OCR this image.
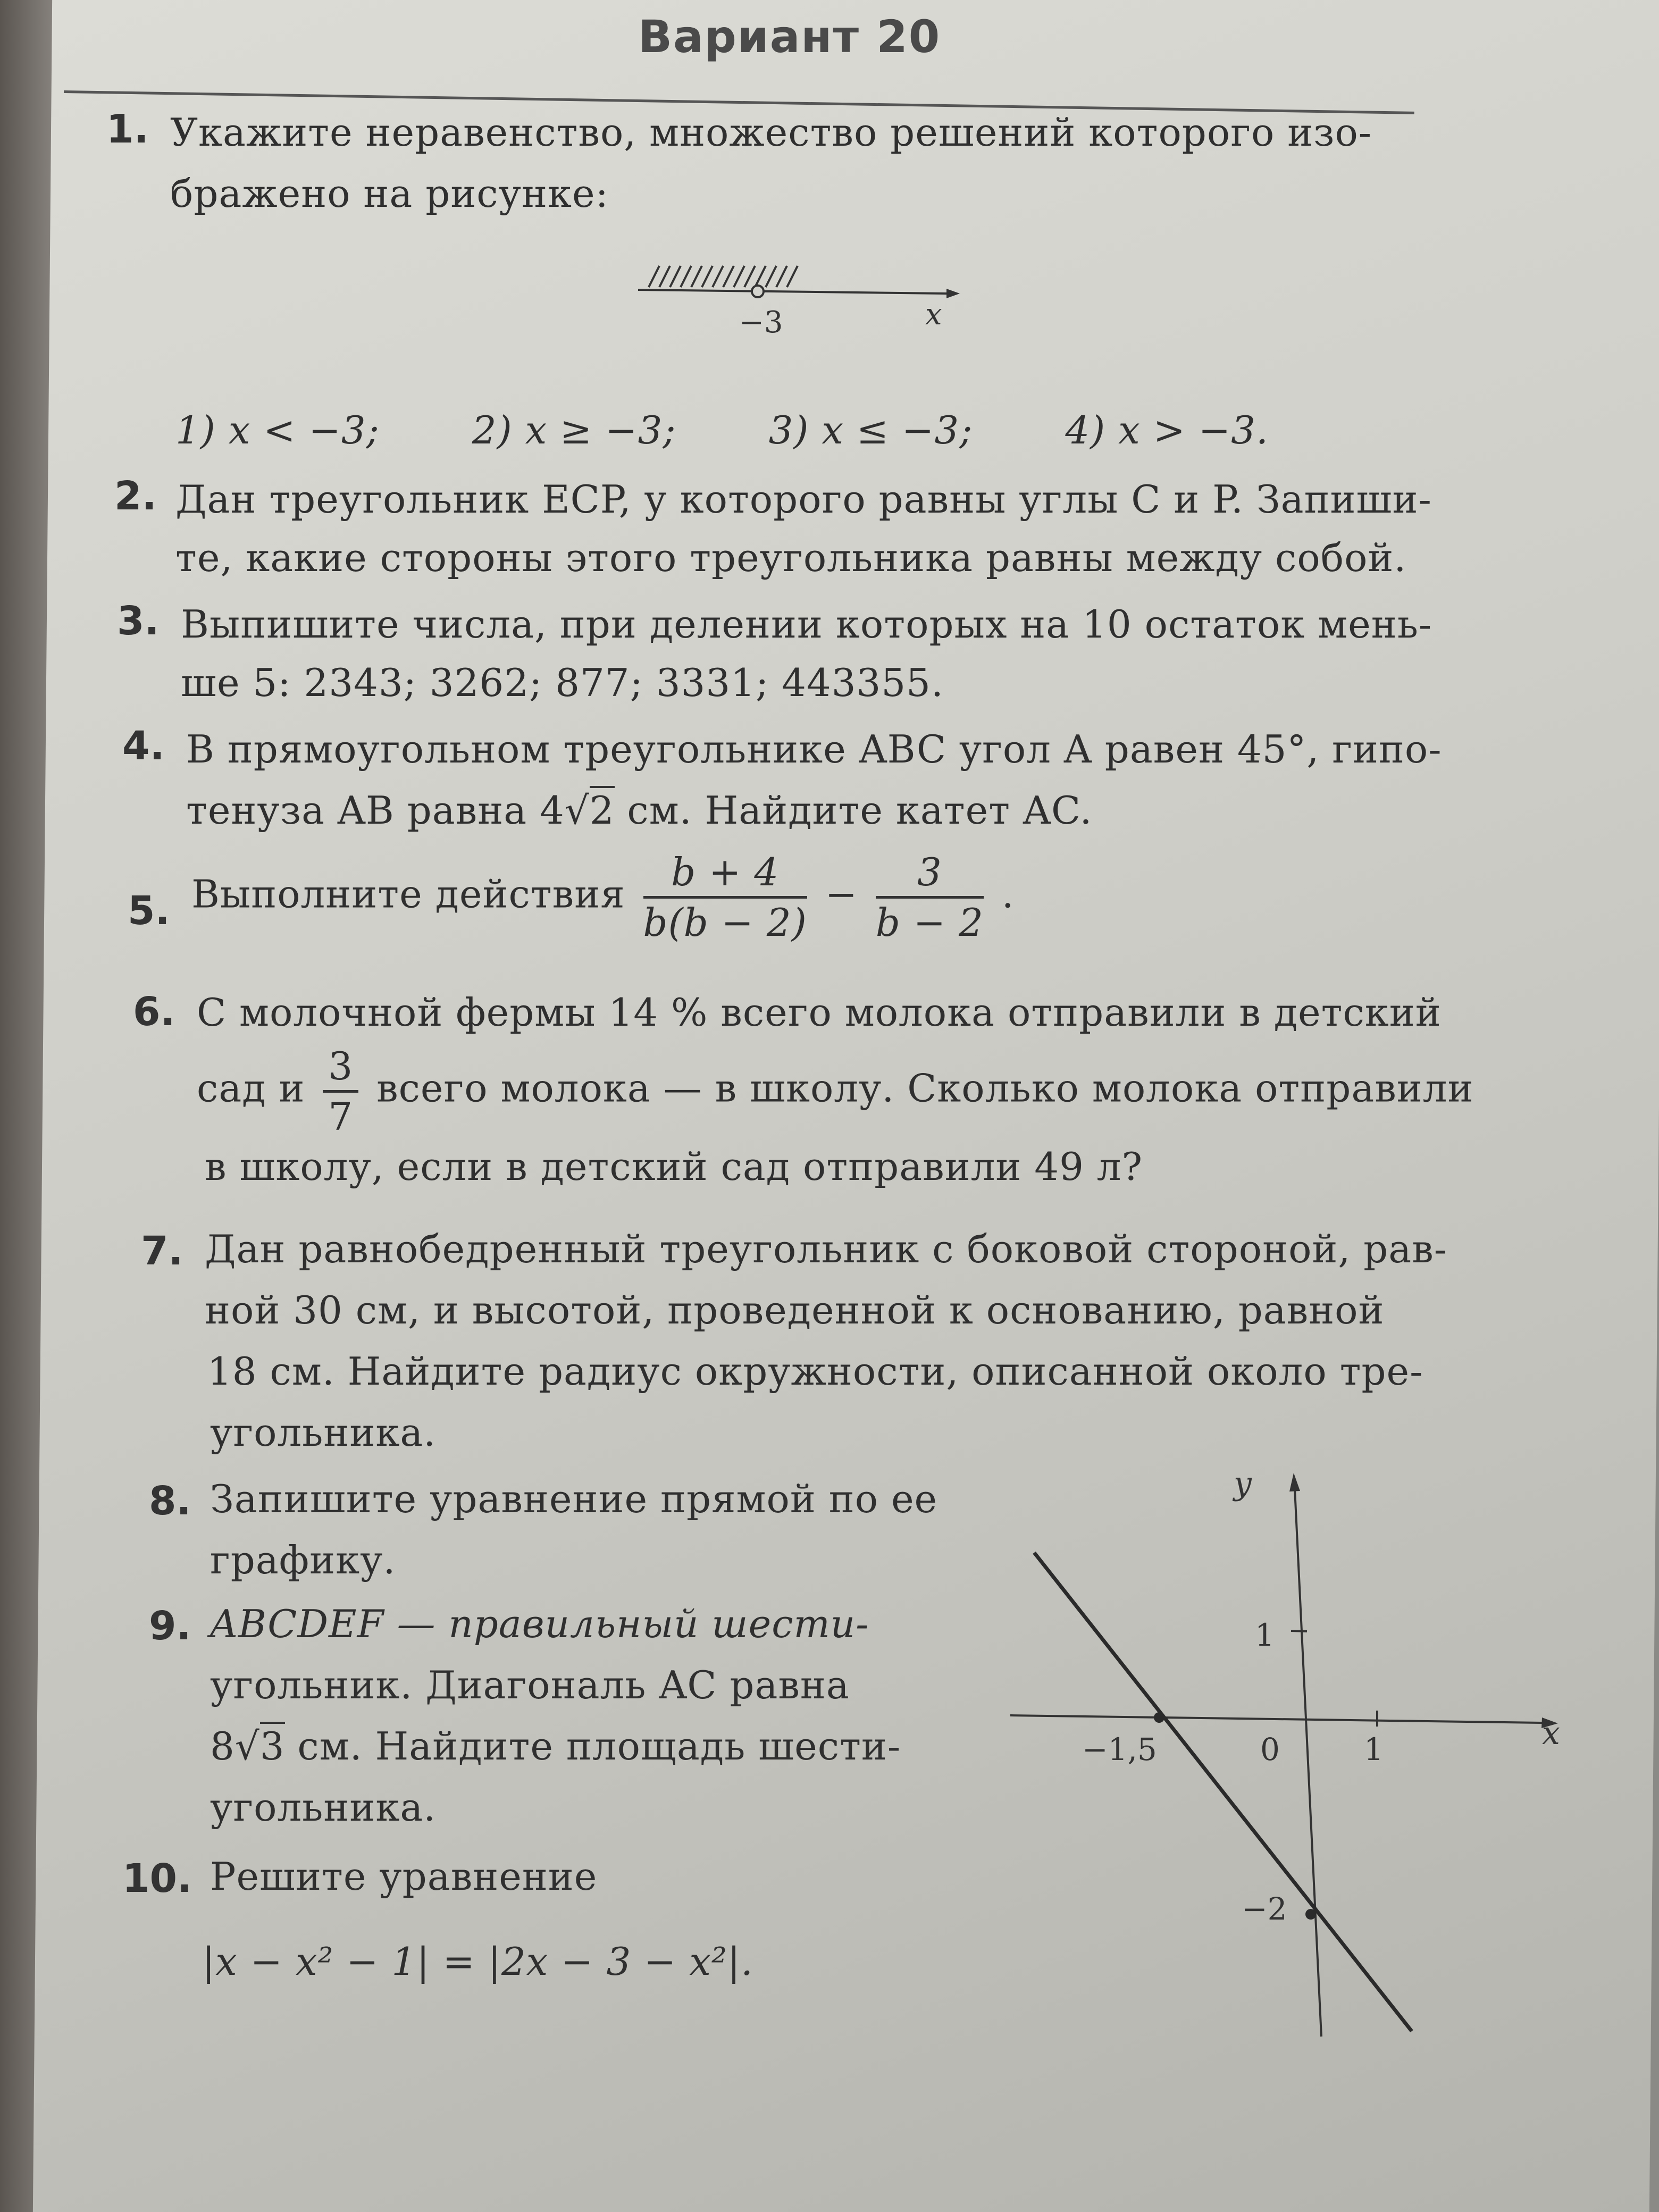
Вариант 20
1. Укажите неравенство, множество решений которого изо-
бражено на рисунке:
−3	x
1) x < −3; 2) x ≥ −3; 3) x ≤ −3; 4) x > −3.
2. Дан треугольник ECP, у которого равны углы C и P. Запиши-
те, какие стороны этого треугольника равны между собой.
3. Выпишите числа, при делении которых на 10 остаток мень-
ше 5: 2343; 3262; 877; 3331; 443355.
4. В прямоугольном треугольнике ABC угол A равен 45°, гипо-
тенуза AB равна 4√2 см. Найдите катет AC.
5. Выполните действия $\frac{b + 4}{b(b - 2)} - \frac{3}{b - 2}$ .
6. С молочной фермы 14 % всего молока отправили в детский
сад и $\frac{3}{7}$ всего молока — в школу. Сколько молока отправили
в школу, если в детский сад отправили 49 л?
7. Дан равнобедренный треугольник с боковой стороной, рав-
ной 30 см, и высотой, проведенной к основанию, равной
18 см. Найдите радиус окружности, описанной около тре-
угольника.
8. Запишите уравнение прямой по ее
графику.
9. ABCDEF — правильный шести-
угольник. Диагональ AC равна
8√3 см. Найдите площадь шести-
угольника.
10. Решите уравнение
|x − x² − 1| = |2x − 3 − x²|.
x
y
1
1
0
−1,5
−2
